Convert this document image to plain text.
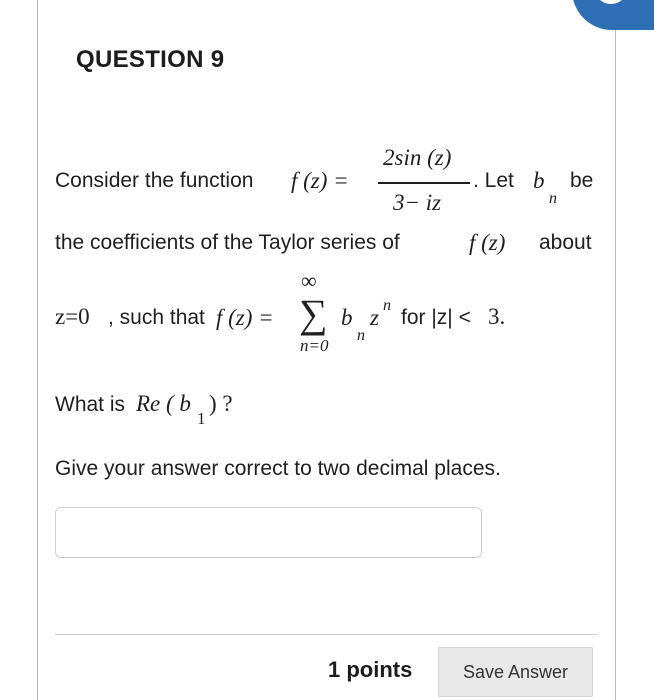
QUESTION 9
Consider the function f (z) =
2sin (z)
3− iz
. Let b
n
be
the coefficients of the Taylor series of	f (z) about
z=0 , such that f (z) =
∞
∑
n=0
b
n
z n
for |z| < 3.
What is Re ( b
1
) ?
Give your answer correct to two decimal places.
1 points	Save Answer
